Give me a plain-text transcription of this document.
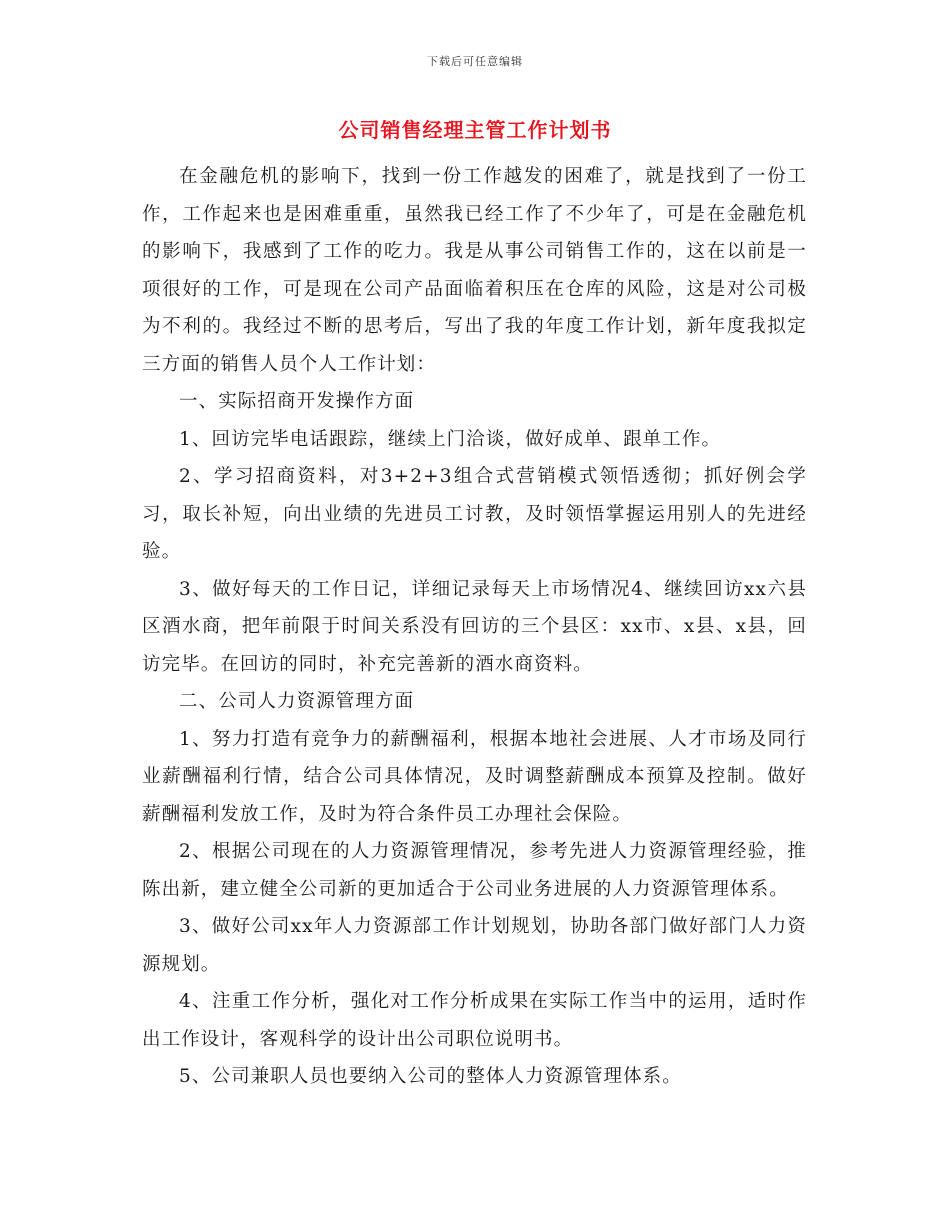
下载后可任意编辑
公司销售经理主管工作计划书

在金融危机的影响下，找到一份工作越发的困难了，就是找到了一份工作，工作起来也是困难重重，虽然我已经工作了不少年了，可是在金融危机的影响下，我感到了工作的吃力。我是从事公司销售工作的，这在以前是一项很好的工作，可是现在公司产品面临着积压在仓库的风险，这是对公司极为不利的。我经过不断的思考后，写出了我的年度工作计划，新年度我拟定三方面的销售人员个人工作计划：

一、实际招商开发操作方面

1、回访完毕电话跟踪，继续上门洽谈，做好成单、跟单工作。

2、学习招商资料，对3+2+3组合式营销模式领悟透彻；抓好例会学习，取长补短，向出业绩的先进员工讨教，及时领悟掌握运用别人的先进经验。

3、做好每天的工作日记，详细记录每天上市场情况4、继续回访xx六县区酒水商，把年前限于时间关系没有回访的三个县区：xx市、x县、x县，回访完毕。在回访的同时，补充完善新的酒水商资料。

二、公司人力资源管理方面

1、努力打造有竞争力的薪酬福利，根据本地社会进展、人才市场及同行业薪酬福利行情，结合公司具体情况，及时调整薪酬成本预算及控制。做好薪酬福利发放工作，及时为符合条件员工办理社会保险。

2、根据公司现在的人力资源管理情况，参考先进人力资源管理经验，推陈出新，建立健全公司新的更加适合于公司业务进展的人力资源管理体系。

3、做好公司xx年人力资源部工作计划规划，协助各部门做好部门人力资源规划。

4、注重工作分析，强化对工作分析成果在实际工作当中的运用，适时作出工作设计，客观科学的设计出公司职位说明书。

5、公司兼职人员也要纳入公司的整体人力资源管理体系。
